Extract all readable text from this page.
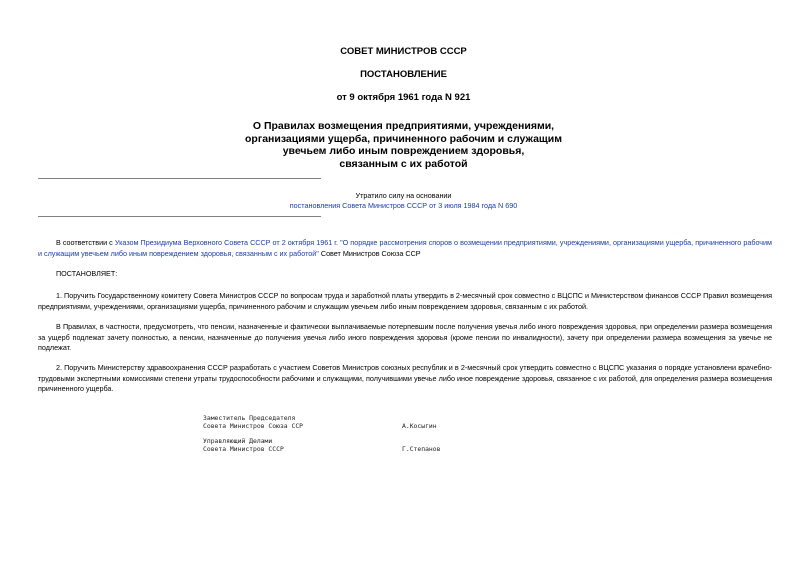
СОВЕТ МИНИСТРОВ СССР
ПОСТАНОВЛЕНИЕ
от 9 октября 1961 года N 921
О Правилах возмещения предприятиями, учреждениями,
организациями ущерба, причиненного рабочим и служащим
увечьем либо иным повреждением здоровья,
связанным с их работой
Утратило силу на основании
постановления Совета Министров СССР от 3 июля 1984 года N 690
В соответствии с Указом Президиума Верховного Совета СССР от 2 октября 1961 г. "О порядке рассмотрения споров о возмещении предприятиями, учреждениями, организациями ущерба, причиненного рабочим и служащим увечьем либо иным повреждением здоровья, связанным с их работой" Совет Министров Союза ССР
ПОСТАНОВЛЯЕТ:
1. Поручить Государственному комитету Совета Министров СССР по вопросам труда и заработной платы утвердить в 2-месячный срок совместно с ВЦСПС и Министерством финансов СССР Правил возмещения предприятиями, учреждениями, организациями ущерба, причиненного рабочим и служащим увечьем либо иным повреждением здоровья, связанным с их работой.
В Правилах, в частности, предусмотреть, что пенсии, назначенные и фактически выплачиваемые потерпевшим после получения увечья либо иного повреждения здоровья, при определении размера возмещения за ущерб подлежат зачету полностью, а пенсии, назначенные до получения увечья либо иного повреждения здоровья (кроме пенсии по инвалидности), зачету при определении размера возмещения за увечье не подлежат.
2. Поручить Министерству здравоохранения СССР разработать с участием Советов Министров союзных республик и в 2-месячный срок утвердить совместно с ВЦСПС указания о порядке установлени врачебно-трудовыми экспертными комиссиями степени утраты трудоспособности рабочими и служащими, получившими увечье либо иное повреждение здоровья, связанное с их работой, для определения размера возмещения причиненного ущерба.
Заместитель Председателя
Совета Министров Союза ССР	А.Косыгин
Управляющий Делами
Совета Министров СССР	Г.Степанов
